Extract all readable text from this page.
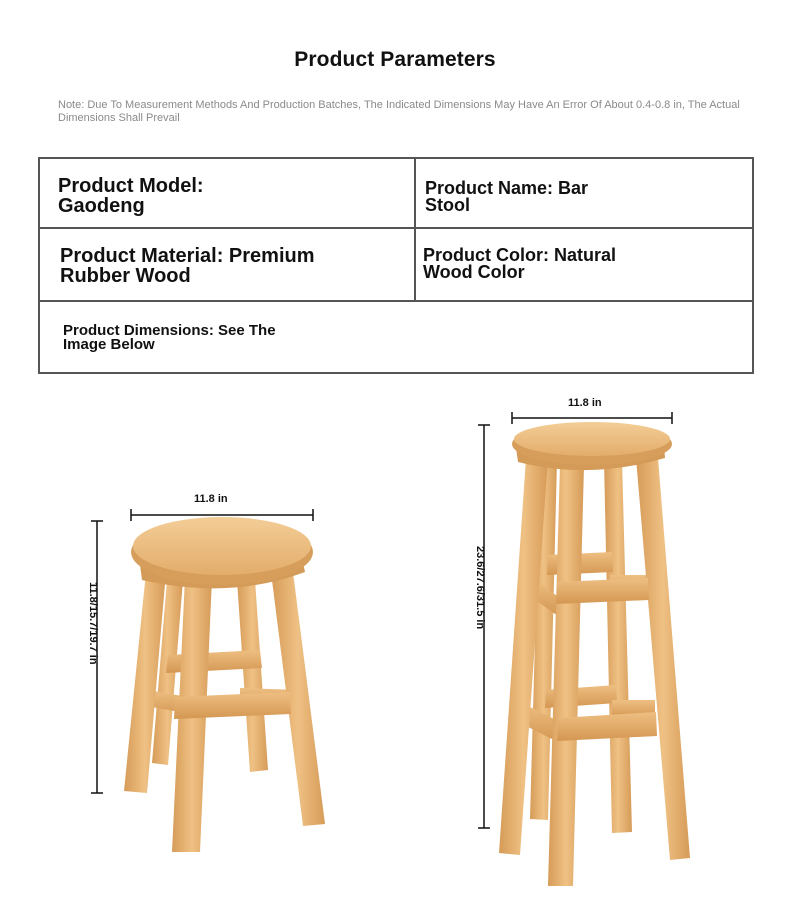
Product Parameters
Note: Due To Measurement Methods And Production Batches, The Indicated Dimensions May Have An Error Of About 0.4-0.8 in, The Actual Dimensions Shall Prevail
Product Model:
Gaodeng
Product Name: Bar
Stool
Product Material: Premium
Rubber Wood
Product Color: Natural
Wood Color
Product Dimensions: See The
Image Below
11.8 in
11.8/15.7/19.7 in
11.8 in
23.6/27.6/31.5 in
